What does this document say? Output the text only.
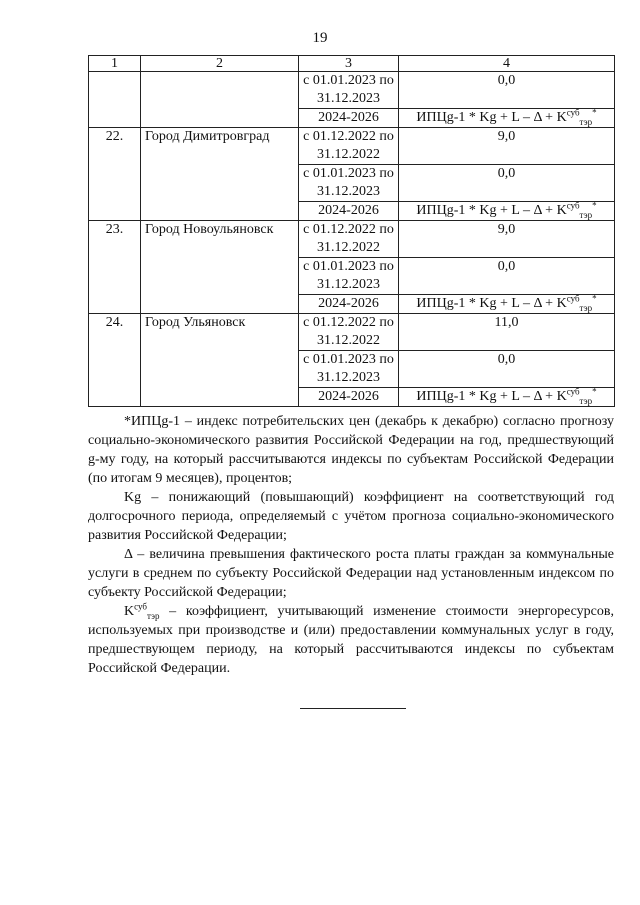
19
1	2	3	4
		с 01.01.2023 по 31.12.2023	0,0
		2024-2026	ИПЦg-1 * $Kg + L - \Delta + K^{суб}_{тэр}^*$
22.	Город Димитровград	с 01.12.2022 по 31.12.2022	9,0
		с 01.01.2023 по 31.12.2023	0,0
		2024-2026	ИПЦg-1 * $Kg + L - \Delta + K^{суб}_{тэр}^*$
23.	Город Новоульяновск	с 01.12.2022 по 31.12.2022	9,0
		с 01.01.2023 по 31.12.2023	0,0
		2024-2026	ИПЦg-1 * $Kg + L - \Delta + K^{суб}_{тэр}^*$
24.	Город Ульяновск	с 01.12.2022 по 31.12.2022	11,0
		с 01.01.2023 по 31.12.2023	0,0
		2024-2026	ИПЦg-1 * $Kg + L - \Delta + K^{суб}_{тэр}^*$

*ИПЦg-1 – индекс потребительских цен (декабрь к декабрю) согласно прогнозу социально-экономического развития Российской Федерации на год, предшествующий g-му году, на который рассчитываются индексы по субъектам Российской Федерации (по итогам 9 месяцев), процентов;

Kg – понижающий (повышающий) коэффициент на соответствующий год долгосрочного периода, определяемый с учётом прогноза социально-экономического развития Российской Федерации;

Δ – величина превышения фактического роста платы граждан за коммунальные услуги в среднем по субъекту Российской Федерации над установленным индексом по субъекту Российской Федерации;

$K^{суб}_{тэр}$ – коэффициент, учитывающий изменение стоимости энергоресурсов, используемых при производстве и (или) предоставлении коммунальных услуг в году, предшествующем периоду, на который рассчитываются индексы по субъектам Российской Федерации.
